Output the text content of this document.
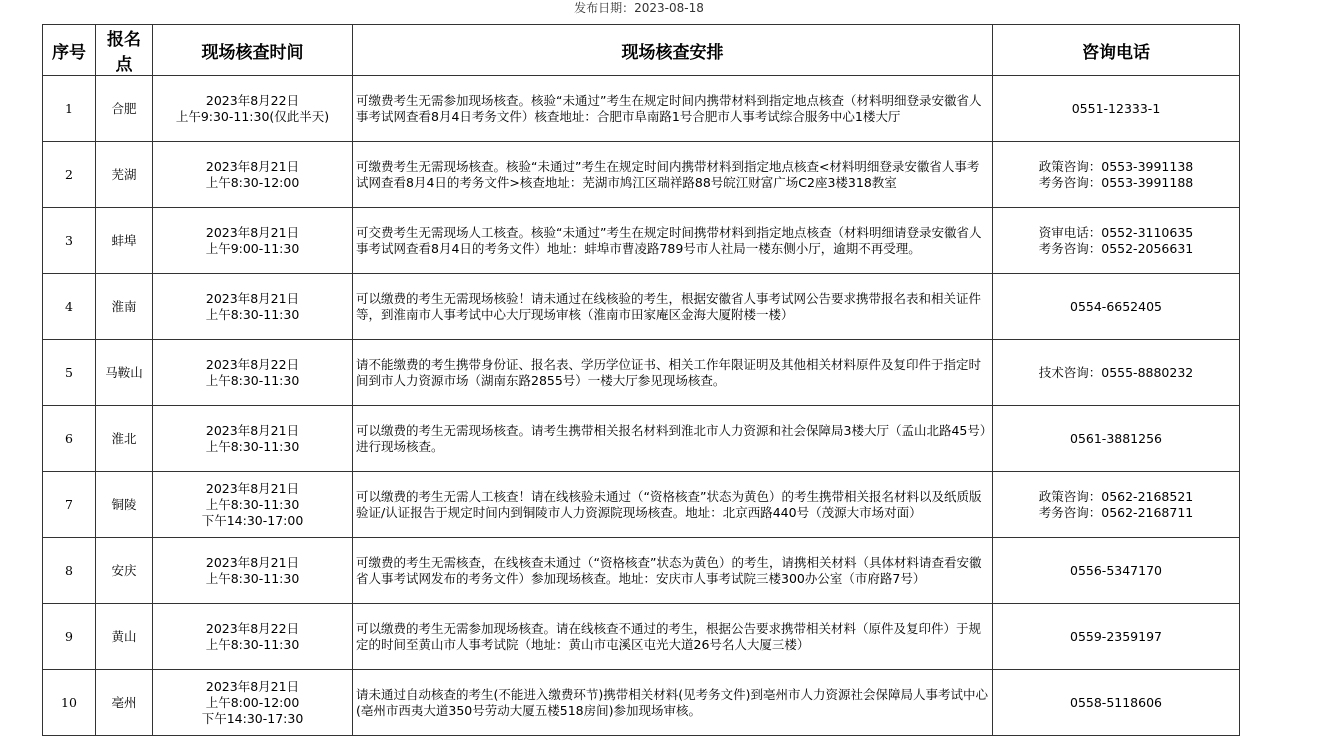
发布日期：2023-08-18
序号	报名点	现场核查时间	现场核查安排	咨询电话
1	合肥	2023年8月22日
上午9:30-11:30(仅此半天)	可缴费考生无需参加现场核查。核验“未通过”考生在规定时间内携带材料到指定地点核查（材料明细登录安徽省人事考试网查看8月4日考务文件）核查地址：合肥市阜南路1号合肥市人事考试综合服务中心1楼大厅	0551-12333-1

2	芜湖	2023年8月21日
上午8:30-12:00	可缴费考生无需现场核查。核验“未通过”考生在规定时间内携带材料到指定地点核查<材料明细登录安徽省人事考试网查看8月4日的考务文件>核查地址：芜湖市鸠江区瑞祥路88号皖江财富广场C2座3楼318教室	政策咨询：0553-3991138
考务咨询：0553-3991188

3	蚌埠	2023年8月21日
上午9:00-11:30	可交费考生无需现场人工核查。核验“未通过”考生在规定时间携带材料到指定地点核查（材料明细请登录安徽省人事考试网查看8月4日的考务文件）地址：蚌埠市曹凌路789号市人社局一楼东侧小厅，逾期不再受理。	资审电话：0552-3110635
考务咨询：0552-2056631

4	淮南	2023年8月21日
上午8:30-11:30	可以缴费的考生无需现场核验！请未通过在线核验的考生，根据安徽省人事考试网公告要求携带报名表和相关证件等，到淮南市人事考试中心大厅现场审核（淮南市田家庵区金海大厦附楼一楼）	0554-6652405

5	马鞍山	2023年8月22日
上午8:30-11:30	请不能缴费的考生携带身份证、报名表、学历学位证书、相关工作年限证明及其他相关材料原件及复印件于指定时间到市人力资源市场（湖南东路2855号）一楼大厅参见现场核查。	技术咨询：0555-8880232

6	淮北	2023年8月21日
上午8:30-11:30	可以缴费的考生无需现场核查。请考生携带相关报名材料到淮北市人力资源和社会保障局3楼大厅（孟山北路45号）进行现场核查。	0561-3881256

7	铜陵	2023年8月21日
上午8:30-11:30
下午14:30-17:00	可以缴费的考生无需人工核查！请在线核验未通过（“资格核查”状态为黄色）的考生携带相关报名材料以及纸质版验证/认证报告于规定时间内到铜陵市人力资源院现场核查。地址：北京西路440号（茂源大市场对面）	政策咨询：0562-2168521
考务咨询：0562-2168711

8	安庆	2023年8月21日
上午8:30-11:30	可缴费的考生无需核查，在线核查未通过（“资格核查”状态为黄色）的考生，请携相关材料（具体材料请查看安徽省人事考试网发布的考务文件）参加现场核查。地址：安庆市人事考试院三楼300办公室（市府路7号）	0556-5347170

9	黄山	2023年8月22日
上午8:30-11:30	可以缴费的考生无需参加现场核查。请在线核查不通过的考生，根据公告要求携带相关材料（原件及复印件）于规定的时间至黄山市人事考试院（地址：黄山市屯溪区屯光大道26号名人大厦三楼）	0559-2359197

10	亳州	2023年8月21日
上午8:00-12:00
下午14:30-17:30	请未通过自动核查的考生(不能进入缴费环节)携带相关材料(见考务文件)到亳州市人力资源社会保障局人事考试中心(亳州市西夷大道350号劳动大厦五楼518房间)参加现场审核。	0558-5118606
